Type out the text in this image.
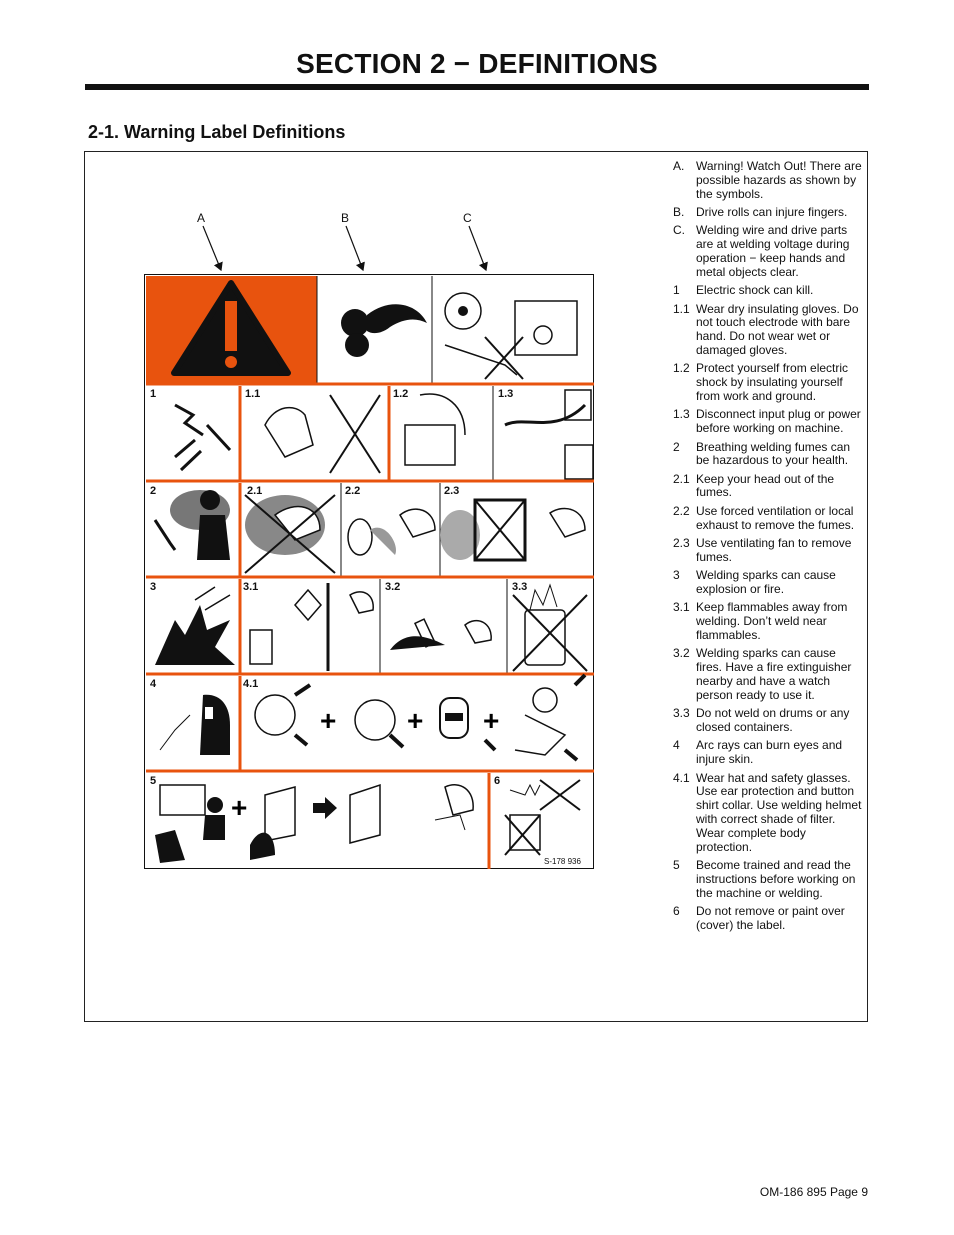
SECTION 2 − DEFINITIONS
2-1. Warning Label Definitions
A	B	C
+	+ +
+
1	1.1	1.2	1.3
2	2.1	2.2	2.3
3	3.1	3.2	3.3
4	4.1
5	6
S-178 936
A. Warning! Watch Out! There are possible hazards as shown by the symbols.
B. Drive rolls can injure fingers.
C. Welding wire and drive parts are at welding voltage during operation − keep hands and metal objects clear.
1	Electric shock can kill.
1.1 Wear dry insulating gloves. Do not touch electrode with bare hand. Do not wear wet or damaged gloves.
1.2 Protect yourself from electric shock by insulating yourself from work and ground.
1.3 Disconnect input plug or power before working on machine.
2	Breathing welding fumes can be hazardous to your health.
2.1 Keep your head out of the fumes.
2.2 Use forced ventilation or local exhaust to remove the fumes.
2.3 Use ventilating fan to remove fumes.
3	Welding sparks can cause explosion or fire.
3.1 Keep flammables away from welding. Don’t weld near flammables.
3.2 Welding sparks can cause fires. Have a fire extinguisher nearby and have a watch person ready to use it.
3.3 Do not weld on drums or any closed containers.
4	Arc rays can burn eyes and injure skin.
4.1 Wear hat and safety glasses. Use ear protection and button shirt collar. Use welding helmet with correct shade of filter. Wear complete body protection.
5	Become trained and read the instructions before working on the machine or welding.
6	Do not remove or paint over (cover) the label.
OM-186 895 Page 9
